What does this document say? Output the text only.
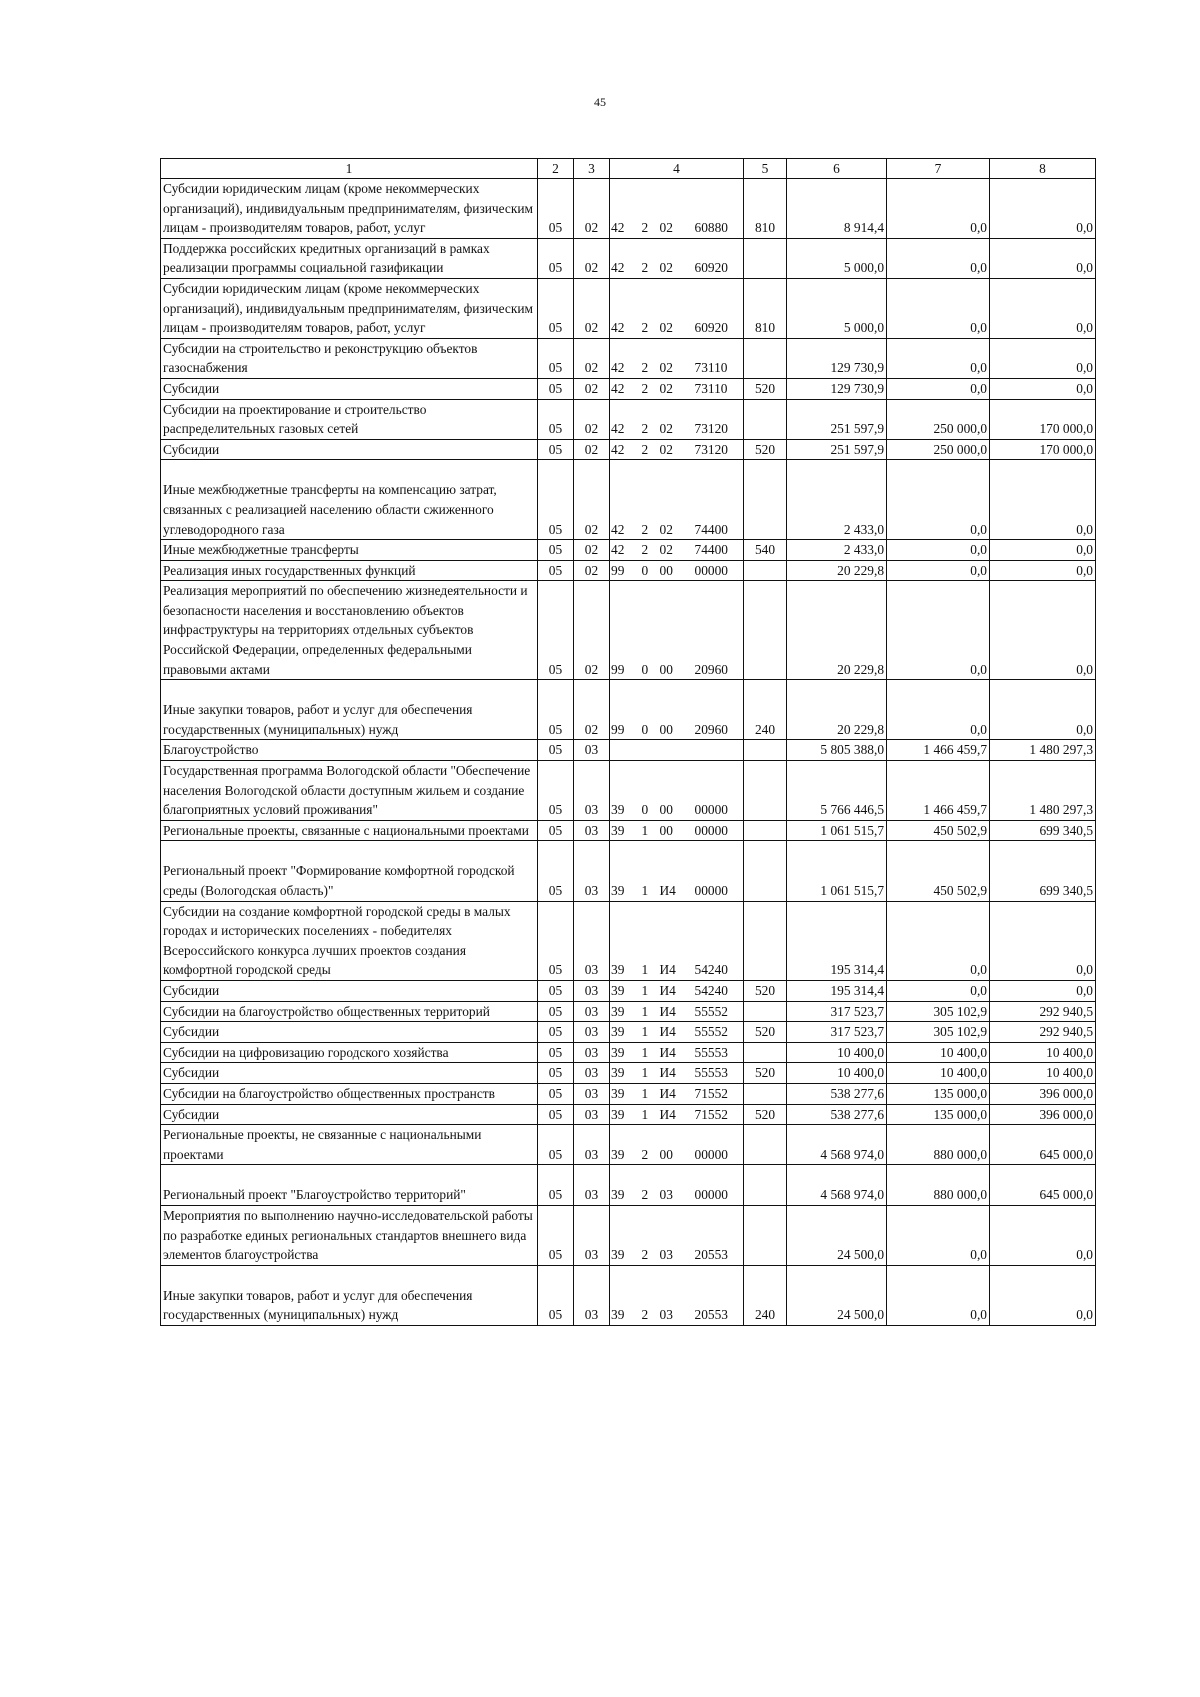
45
1	2	3	4				5	6	7	8
Субсидии юридическим лицам (кроме некоммерческих организаций), индивидуальным предпринимателям, физическим лицам - производителям товаров, работ, услуг	05	02	42	2	02	60880	810	8 914,4	0,0	0,0
Поддержка российских кредитных организаций в рамках реализации программы социальной газификации	05	02	42	2	02	60920		5 000,0	0,0	0,0
Субсидии юридическим лицам (кроме некоммерческих организаций), индивидуальным предпринимателям, физическим лицам - производителям товаров, работ, услуг	05	02	42	2	02	60920	810	5 000,0	0,0	0,0
Субсидии на строительство и реконструкцию объектов газоснабжения	05	02	42	2	02	73110		129 730,9	0,0	0,0
Субсидии	05	02	42	2	02	73110	520	129 730,9	0,0	0,0
Субсидии на проектирование и строительство распределительных газовых сетей	05	02	42	2	02	73120		251 597,9	250 000,0	170 000,0
Субсидии	05	02	42	2	02	73120	520	251 597,9	250 000,0	170 000,0
Иные межбюджетные трансферты на компенсацию затрат, связанных с реализацией населению области сжиженного углеводородного газа	05	02	42	2	02	74400		2 433,0	0,0	0,0
Иные межбюджетные трансферты	05	02	42	2	02	74400	540	2 433,0	0,0	0,0
Реализация иных государственных функций	05	02	99	0	00	00000		20 229,8	0,0	0,0
Реализация мероприятий по обеспечению жизнедеятельности и безопасности населения и восстановлению объектов инфраструктуры на территориях отдельных субъектов Российской Федерации, определенных федеральными правовыми актами	05	02	99	0	00	20960		20 229,8	0,0	0,0
Иные закупки товаров, работ и услуг для обеспечения государственных (муниципальных) нужд	05	02	99	0	00	20960	240	20 229,8	0,0	0,0
Благоустройство	05	03						5 805 388,0	1 466 459,7	1 480 297,3
Государственная программа Вологодской области "Обеспечение населения Вологодской области доступным жильем и создание благоприятных условий проживания"	05	03	39	0	00	00000		5 766 446,5	1 466 459,7	1 480 297,3
Региональные проекты, связанные с национальными проектами	05	03	39	1	00	00000		1 061 515,7	450 502,9	699 340,5
Региональный проект "Формирование комфортной городской среды (Вологодская область)"	05	03	39	1	И4	00000		1 061 515,7	450 502,9	699 340,5
Субсидии на создание комфортной городской среды в малых городах и исторических поселениях - победителях Всероссийского конкурса лучших проектов создания комфортной городской среды	05	03	39	1	И4	54240		195 314,4	0,0	0,0
Субсидии	05	03	39	1	И4	54240	520	195 314,4	0,0	0,0
Субсидии на благоустройство общественных территорий	05	03	39	1	И4	55552		317 523,7	305 102,9	292 940,5
Субсидии	05	03	39	1	И4	55552	520	317 523,7	305 102,9	292 940,5
Субсидии на цифровизацию городского хозяйства	05	03	39	1	И4	55553		10 400,0	10 400,0	10 400,0
Субсидии	05	03	39	1	И4	55553	520	10 400,0	10 400,0	10 400,0
Субсидии на благоустройство общественных пространств	05	03	39	1	И4	71552		538 277,6	135 000,0	396 000,0
Субсидии	05	03	39	1	И4	71552	520	538 277,6	135 000,0	396 000,0
Региональные проекты, не связанные с национальными проектами	05	03	39	2	00	00000		4 568 974,0	880 000,0	645 000,0
Региональный проект "Благоустройство территорий"	05	03	39	2	03	00000		4 568 974,0	880 000,0	645 000,0
Мероприятия по выполнению научно-исследовательской работы по разработке единых региональных стандартов внешнего вида элементов благоустройства	05	03	39	2	03	20553		24 500,0	0,0	0,0
Иные закупки товаров, работ и услуг для обеспечения государственных (муниципальных) нужд	05	03	39	2	03	20553	240	24 500,0	0,0	0,0
